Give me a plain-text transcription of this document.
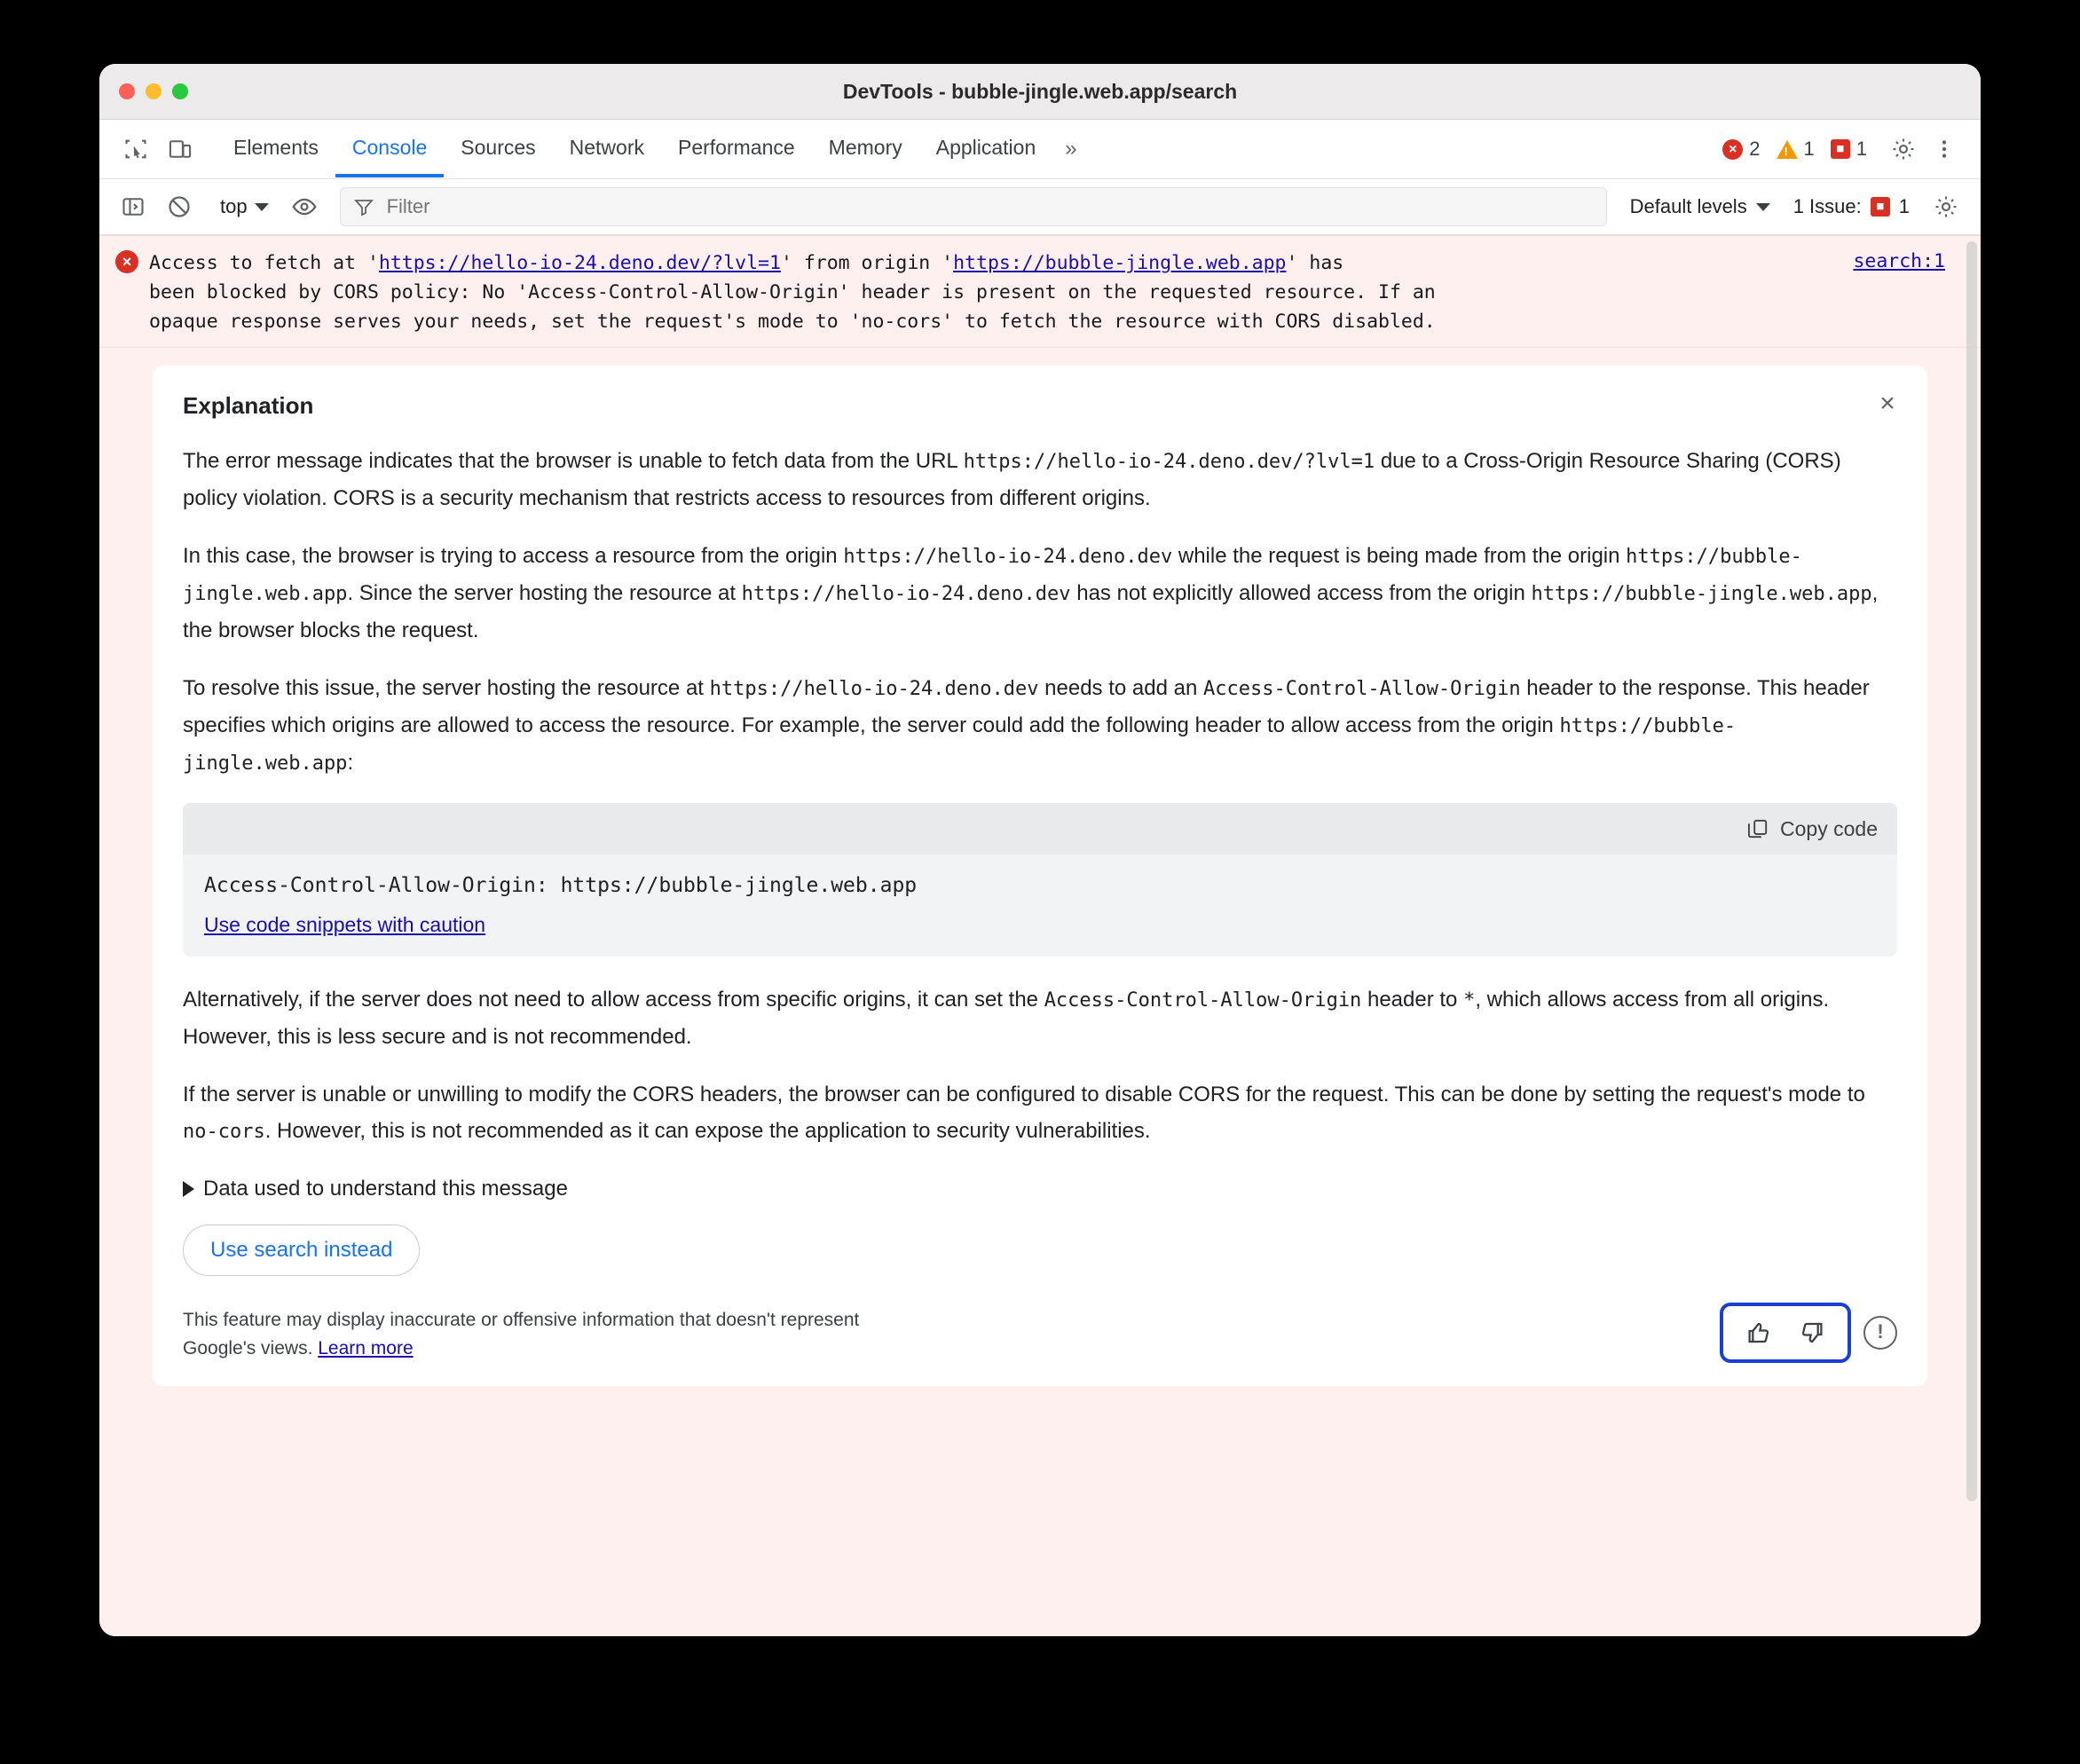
DevTools - bubble-jingle.web.app/search
Elements	Console	Sources	Network	Performance	Memory	Application	»	× 2 ! 1	■ 1
top
Filter	Default levels 1 Issue:	■ 1
× Access to fetch at 'https://hello-io-24.deno.dev/?lvl=1' from origin 'https://bubble-jingle.web.app' has
been blocked by CORS policy: No 'Access-Control-Allow-Origin' header is present on the requested resource. If an
opaque response serves your needs, set the request's mode to 'no-cors' to fetch the resource with CORS disabled.
search:1
Explanation	×

The error message indicates that the browser is unable to fetch data from the URL https://hello-io-24.deno.dev/?lvl=1 due to a Cross-Origin Resource Sharing (CORS) policy violation. CORS is a security mechanism that restricts access to resources from different origins.

In this case, the browser is trying to access a resource from the origin https://hello-io-24.deno.dev while the request is being made from the origin https://bubble-jingle.web.app. Since the server hosting the resource at https://hello-io-24.deno.dev has not explicitly allowed access from the origin https://bubble-jingle.web.app, the browser blocks the request.

To resolve this issue, the server hosting the resource at https://hello-io-24.deno.dev needs to add an Access-Control-Allow-Origin header to the response. This header specifies which origins are allowed to access the resource. For example, the server could add the following header to allow access from the origin https://bubble-jingle.web.app:

Copy code
Access-Control-Allow-Origin: https://bubble-jingle.web.app
Use code snippets with caution

Alternatively, if the server does not need to allow access from specific origins, it can set the Access-Control-Allow-Origin header to *, which allows access from all origins. However, this is less secure and is not recommended.

If the server is unable or unwilling to modify the CORS headers, the browser can be configured to disable CORS for the request. This can be done by setting the request's mode to no-cors. However, this is not recommended as it can expose the application to security vulnerabilities.

Data used to understand this message
Use search instead
This feature may display inaccurate or offensive information that doesn't represent Google's views. Learn more
!
